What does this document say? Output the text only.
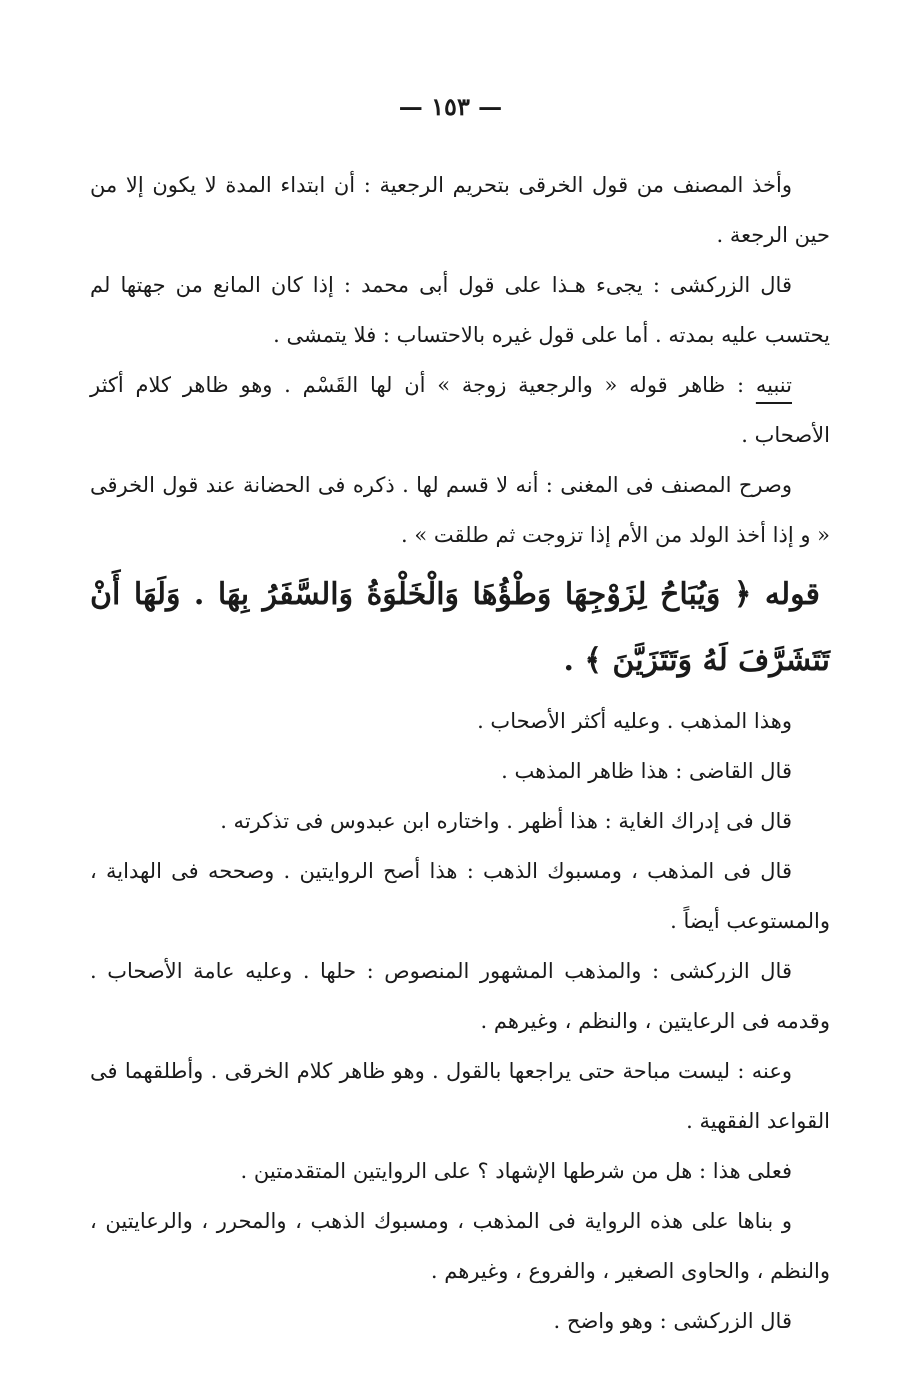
— ١٥٣ —

وأخذ المصنف من قول الخرقى بتحريم الرجعية : أن ابتداء المدة لا يكون إلا من حين الرجعة .

قال الزركشى : يجىء هـذا على قول أبى محمد : إذا كان المانع من جهتها لم يحتسب عليه بمدته . أما على قول غيره بالاحتساب : فلا يتمشى .

تنبيه : ظاهر قوله « والرجعية زوجة » أن لها القَسْم . وهو ظاهر كلام أكثر الأصحاب .

وصرح المصنف فى المغنى : أنه لا قسم لها . ذكره فى الحضانة عند قول الخرقى « و إذا أخذ الولد من الأم إذا تزوجت ثم طلقت » .

قوله ﴿ وَيُبَاحُ لِزَوْجِهَا وَطْؤُهَا وَالْخَلْوَةُ وَالسَّفَرُ بِهَا . وَلَهَا أَنْ تَتَشَرَّفَ لَهُ وَتَتَزَيَّنَ ﴾ .

وهذا المذهب . وعليه أكثر الأصحاب .

قال القاضى : هذا ظاهر المذهب .

قال فى إدراك الغاية : هذا أظهر . واختاره ابن عبدوس فى تذكرته .

قال فى المذهب ، ومسبوك الذهب : هذا أصح الروايتين . وصححه فى الهداية ، والمستوعب أيضاً .

قال الزركشى : والمذهب المشهور المنصوص : حلها . وعليه عامة الأصحاب . وقدمه فى الرعايتين ، والنظم ، وغيرهم .

وعنه : ليست مباحة حتى يراجعها بالقول . وهو ظاهر كلام الخرقى . وأطلقهما فى القواعد الفقهية .

فعلى هذا : هل من شرطها الإشهاد ؟ على الروايتين المتقدمتين .

و بناها على هذه الرواية فى المذهب ، ومسبوك الذهب ، والمحرر ، والرعايتين ، والنظم ، والحاوى الصغير ، والفروع ، وغيرهم .

قال الزركشى : وهو واضح .
